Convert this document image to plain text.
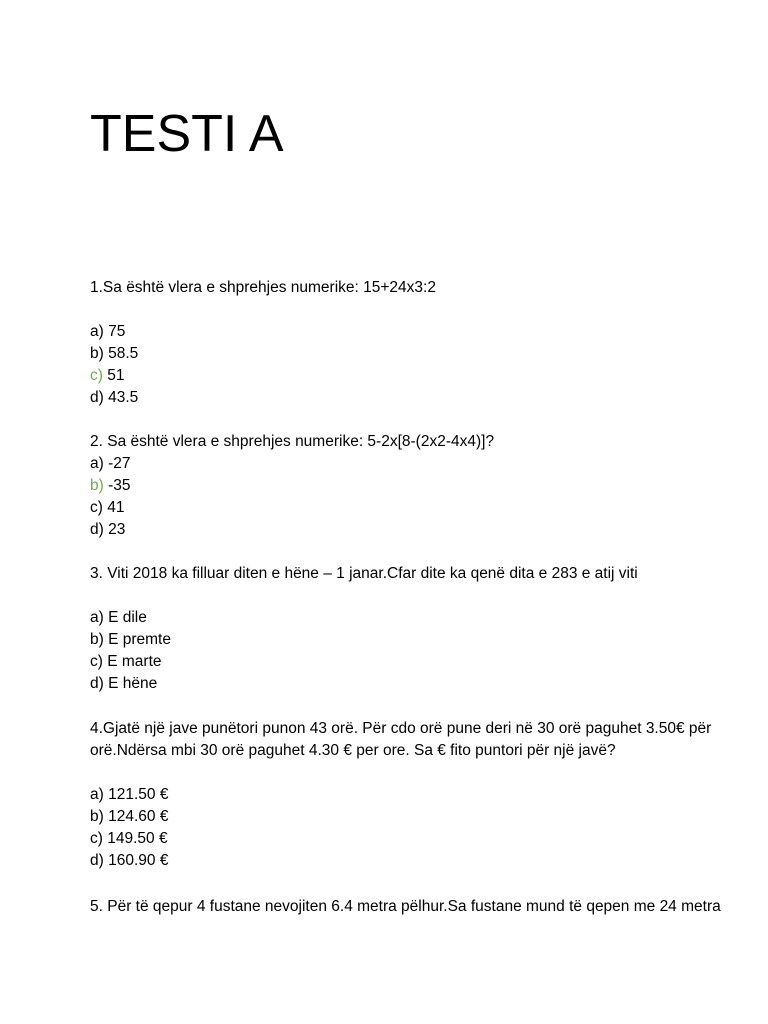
TESTI A
1.Sa është vlera e shprehjes numerike: 15+24x3:2
a) 75
b) 58.5
c) 51
d) 43.5
2. Sa është vlera e shprehjes numerike: 5-2x[8-(2x2-4x4)]?
a) -27
b) -35
c) 41
d) 23
3. Viti 2018 ka filluar diten e hëne – 1 janar.Cfar dite ka qenë dita e 283 e atij viti
a) E dile
b) E premte
c) E marte
d) E hëne
4.Gjatë një jave punëtori punon 43 orë. Për cdo orë pune deri në 30 orë paguhet 3.50€ për orë.Ndërsa mbi 30 orë paguhet 4.30 € per ore. Sa € fito puntori për një javë?
a) 121.50 €
b) 124.60 €
c) 149.50 €
d) 160.90 €
5. Për të qepur 4 fustane nevojiten 6.4 metra pëlhur.Sa fustane mund të qepen me 24 metra
